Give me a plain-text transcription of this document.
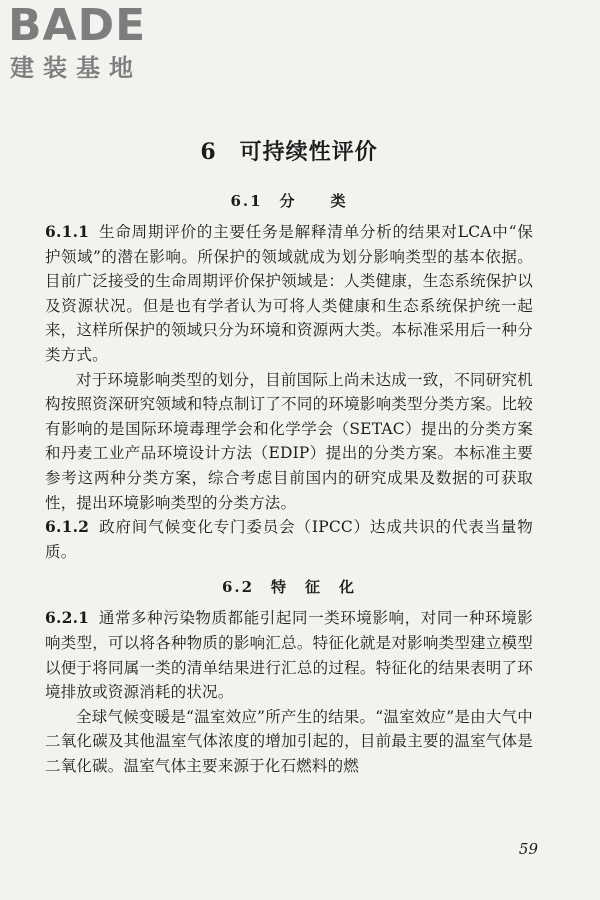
BADE
建装基地
6　可持续性评价
6.1　分　　类

6.1.1 生命周期评价的主要任务是解释清单分析的结果对LCA中“保护领域”的潜在影响。所保护的领域就成为划分影响类型的基本依据。目前广泛接受的生命周期评价保护领域是：人类健康，生态系统保护以及资源状况。但是也有学者认为可将人类健康和生态系统保护统一起来，这样所保护的领域只分为环境和资源两大类。本标准采用后一种分类方式。

对于环境影响类型的划分，目前国际上尚未达成一致，不同研究机构按照资深研究领域和特点制订了不同的环境影响类型分类方案。比较有影响的是国际环境毒理学会和化学学会（SETAC）提出的分类方案和丹麦工业产品环境设计方法（EDIP）提出的分类方案。本标准主要参考这两种分类方案，综合考虑目前国内的研究成果及数据的可获取性，提出环境影响类型的分类方法。

6.1.2 政府间气候变化专门委员会（IPCC）达成共识的代表当量物质。

6.2　特　征　化

6.2.1 通常多种污染物质都能引起同一类环境影响，对同一种环境影响类型，可以将各种物质的影响汇总。特征化就是对影响类型建立模型以便于将同属一类的清单结果进行汇总的过程。特征化的结果表明了环境排放或资源消耗的状况。

全球气候变暖是“温室效应”所产生的结果。“温室效应”是由大气中二氧化碳及其他温室气体浓度的增加引起的，目前最主要的温室气体是二氧化碳。温室气体主要来源于化石燃料的燃

59
